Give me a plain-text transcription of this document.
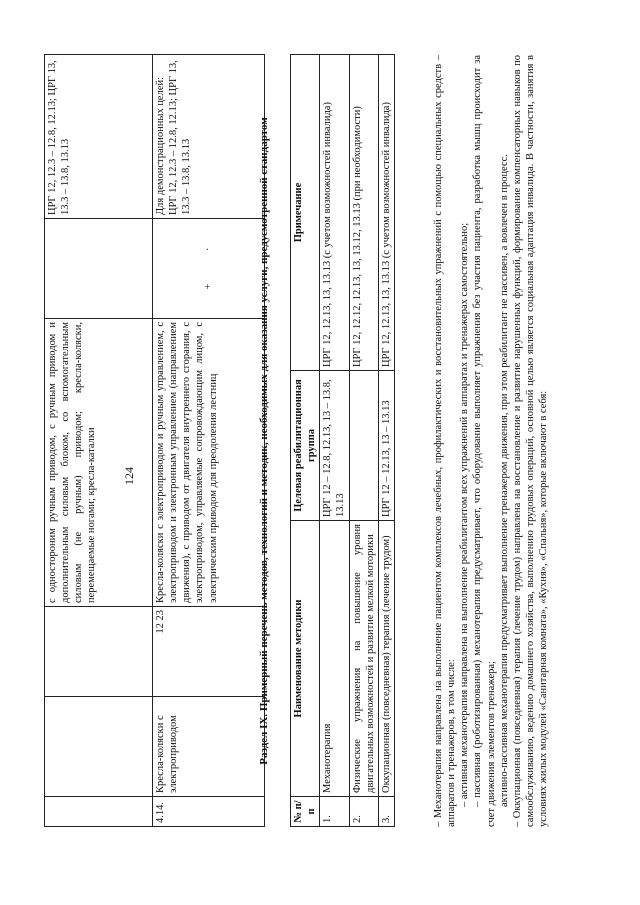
124
			с одностороним ручным приводом, с ручным приводом и дополнительным силовым блоком, со вспомогательным силовым (не ручным) приводом; кресла-коляски, перемещаемые ногами; кресла-каталки		ЦРГ 12, 12.3 – 12.8, 12.13; ЦРГ 13, 13.3 – 13.8, 13.13
4.14.	Кресла-коляски с электроприводом	12 23	Кресла-коляски с электроприводом и ручным управлением, с электроприводом и электронным управлением (направлением движения), с приводом от двигателя внутреннего сгорания, с электроприводом, управляемые сопровождающим лицом, с электрическим приводом для преодоления лестниц	+ ·	Для демонстрационных целей: ЦРГ 12, 12.3 – 12.8, 12.13; ЦРГ 13, 13.3 – 13.8, 13.13	Раздел IX. Примерный перечень методов, технологий и методик, необходимых для оказания услуги, предусмотренной стандартом
№ п/п	Наименование методики	Целевая реабилитационная группа	Примечание
1.	Механотерапия	ЦРГ 12 – 12.8, 12.13, 13 – 13.8, 13.13	ЦРГ 12, 12.13, 13, 13.13 (с учетом возможностей инвалида)
2.	Физические упражнения на повышение уровня двигательных возможностей и развитие мелкой моторики		ЦРГ 12, 12.12, 12.13, 13, 13.12, 13.13 (при необходимости)
3.	Оккупационная (повседневная) терапия (лечение трудом)	ЦРГ 12 – 12.13, 13 – 13.13	ЦРГ 12, 12.13, 13, 13.13 (с учетом возможностей инвалида)	– Механотерапия направлена на выполнение пациентом комплексов лечебных, профилактических и восстановительных упражнений с помощью специальных средств – аппаратов и тренажеров, в том числе: – активная механотерапия направлена на выполнение реабилитантом всех упражнений в аппаратах и тренажерах самостоятельно; – пассивная (роботизированная) механотерапия предусматривает, что оборудование выполняет упражнения без участия пациента, разработка мышц происходит за счет движения элементов тренажера; активно-пассивная механотерапия предусматривает выполнение тренажером движения, при этом реабилитант не пассивен, а вовлечен в процесс. – Оккупационная (повседневная) терапия (лечение трудом) направлена на восстановление и развитие нарушенных функций, формирование компенсаторных навыков по самообслуживанию, ведению домашнего хозяйства, выполнению трудовых операций, основной целью является социальная адаптация инвалида. В частности, занятия в условиях жилых модулей «Санитарная комната», «Кухня», «Спальня», которые включают в себя:
